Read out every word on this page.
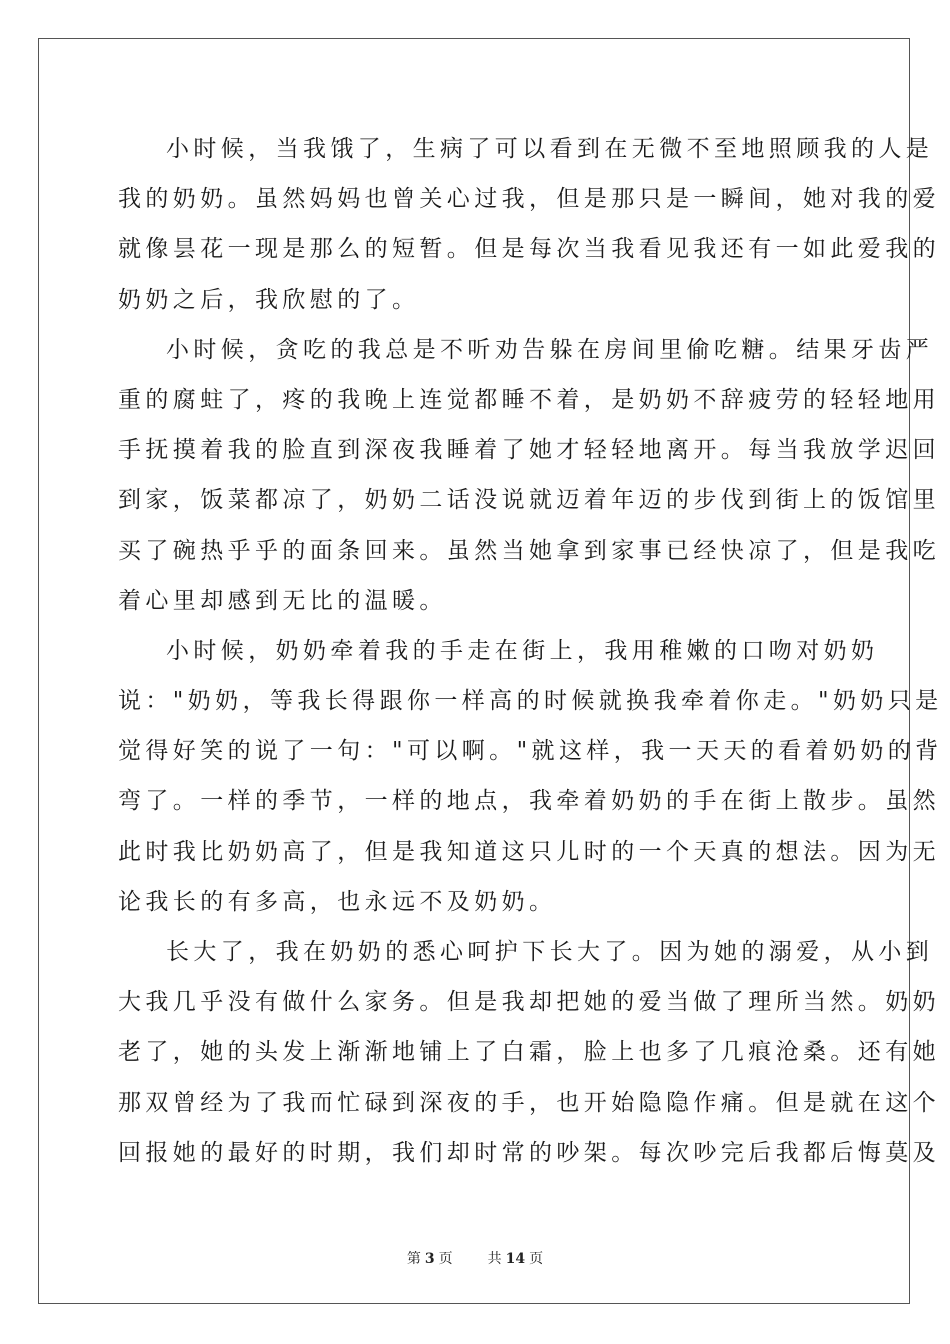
小时候，当我饿了，生病了可以看到在无微不至地照顾我的人是
我的奶奶。虽然妈妈也曾关心过我，但是那只是一瞬间，她对我的爱
就像昙花一现是那么的短暂。但是每次当我看见我还有一如此爱我的
奶奶之后，我欣慰的了。
小时候，贪吃的我总是不听劝告躲在房间里偷吃糖。结果牙齿严
重的腐蛀了，疼的我晚上连觉都睡不着，是奶奶不辞疲劳的轻轻地用
手抚摸着我的脸直到深夜我睡着了她才轻轻地离开。每当我放学迟回
到家，饭菜都凉了，奶奶二话没说就迈着年迈的步伐到街上的饭馆里
买了碗热乎乎的面条回来。虽然当她拿到家事已经快凉了，但是我吃
着心里却感到无比的温暖。
小时候，奶奶牵着我的手走在街上，我用稚嫩的口吻对奶奶
说："奶奶，等我长得跟你一样高的时候就换我牵着你走。"奶奶只是
觉得好笑的说了一句："可以啊。"就这样，我一天天的看着奶奶的背
弯了。一样的季节，一样的地点，我牵着奶奶的手在街上散步。虽然
此时我比奶奶高了，但是我知道这只儿时的一个天真的想法。因为无
论我长的有多高，也永远不及奶奶。
长大了，我在奶奶的悉心呵护下长大了。因为她的溺爱，从小到
大我几乎没有做什么家务。但是我却把她的爱当做了理所当然。奶奶
老了，她的头发上渐渐地铺上了白霜，脸上也多了几痕沧桑。还有她
那双曾经为了我而忙碌到深夜的手，也开始隐隐作痛。但是就在这个
回报她的最好的时期，我们却时常的吵架。每次吵完后我都后悔莫及
第 3 页 共 14 页
